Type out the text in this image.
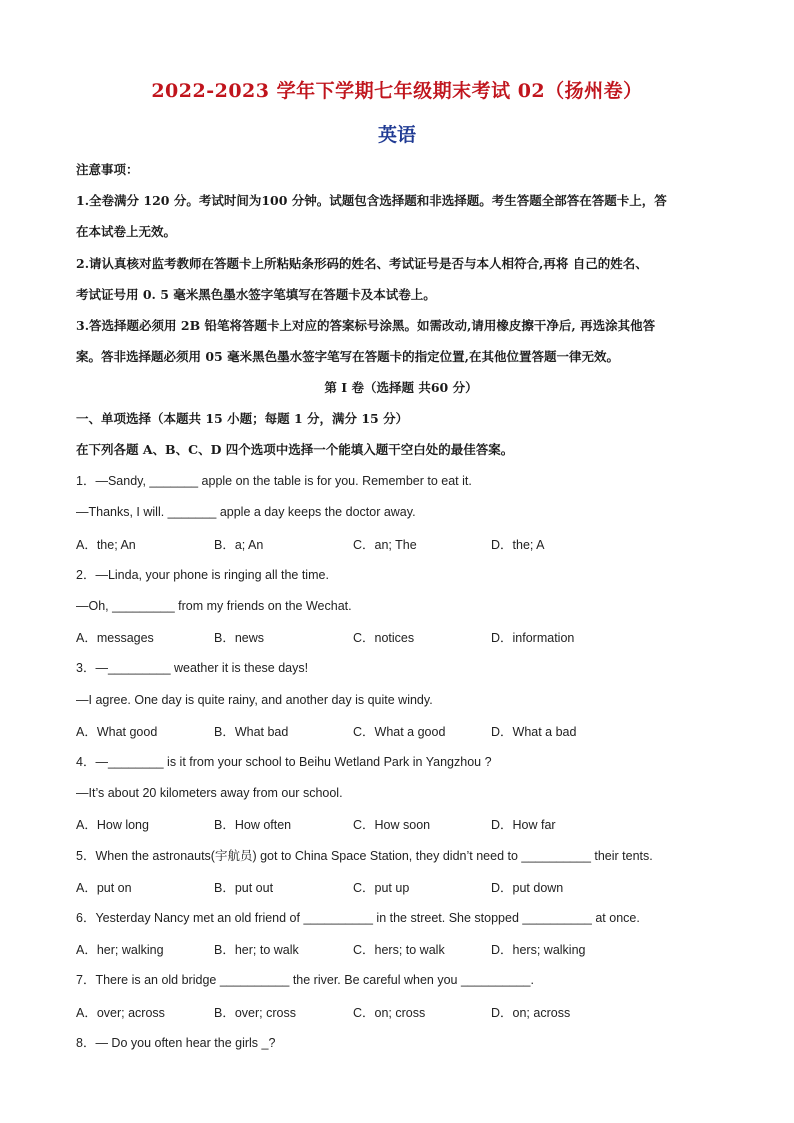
2022-2023 学年下学期七年级期末考试 02（扬州卷）
英语
注意事项：
1.全卷满分 120 分。考试时间为100 分钟。试题包含选择题和非选择题。考生答题全部答在答题卡上，答
在本试卷上无效。
2.请认真核对监考教师在答题卡上所粘贴条形码的姓名、考试证号是否与本人相符合,再将 自己的姓名、
考试证号用 0. 5 毫米黑色墨水签字笔填写在答题卡及本试卷上。
3.答选择题必须用 2B 铅笔将答题卡上对应的答案标号涂黑。如需改动,请用橡皮擦干净后, 再选涂其他答
案。答非选择题必须用 05 毫米黑色墨水签字笔写在答题卡的指定位置,在其他位置答题一律无效。
第 I 卷（选择题 共60 分）
一、单项选择（本题共 15 小题；每题 1 分，满分 15 分）
在下列各题 A、B、C、D 四个选项中选择一个能填入题干空白处的最佳答案。
1．—Sandy, _______ apple on the table is for you. Remember to eat it.
—Thanks, I will. _______ apple a day keeps the doctor away.
A．the; An	B．a; An	C．an; The	D．the; A
2．—Linda, your phone is ringing all the time.
—Oh, _________ from my friends on the Wechat.
A．messages	B．news	C．notices	D．information
3．—_________ weather it is these days!
—I agree. One day is quite rainy, and another day is quite windy.
A．What good	B．What bad	C．What a good	D．What a bad
4．—________ is it from your school to Beihu Wetland Park in Yangzhou ?
—It’s about 20 kilometers away from our school.
A．How long	B．How often	C．How soon	D．How far
5．When the astronauts(宇航员) got to China Space Station, they didn’t need to __________ their tents.
A．put on	B．put out	C．put up	D．put down
6．Yesterday Nancy met an old friend of __________ in the street. She stopped __________ at once.
A．her; walking	B．her; to walk	C．hers; to walk	D．hers; walking
7．There is an old bridge __________ the river. Be careful when you __________.
A．over; across	B．over; cross	C．on; cross	D．on; across
8．— Do you often hear the girls _?
